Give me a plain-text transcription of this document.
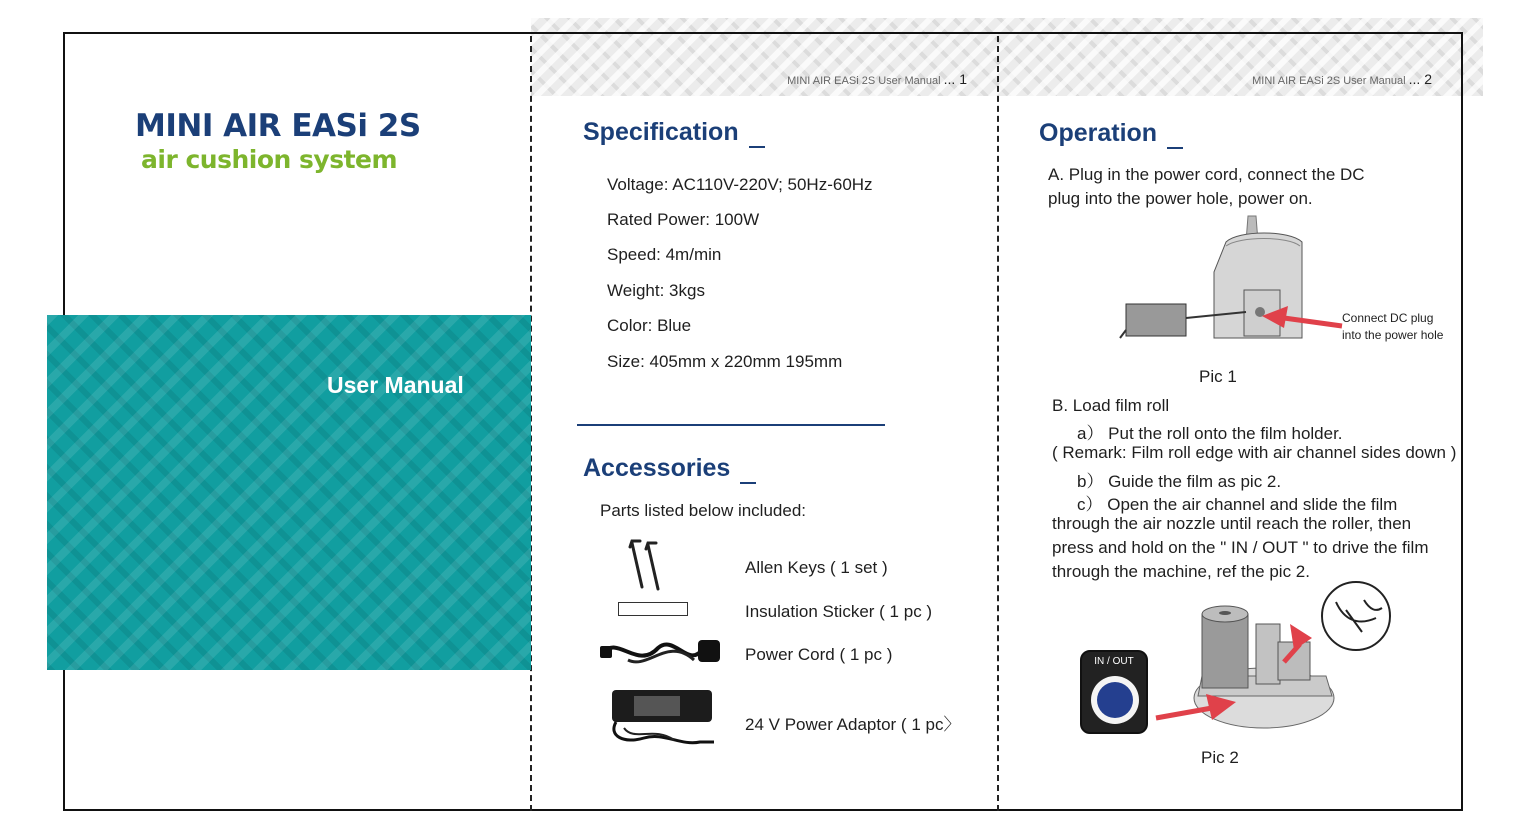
MINI AIR EASi 2S
air cushion system
User Manual
MINI AIR EASi 2S User Manual ... 1
Specification
Voltage: AC110V-220V; 50Hz-60Hz
Rated Power: 100W
Speed: 4m/min
Weight: 3kgs
Color: Blue
Size: 405mm x 220mm 195mm
Accessories
Parts listed below included:
Allen Keys ( 1 set )
Insulation Sticker ( 1 pc )
Power Cord ( 1 pc )
24 V Power Adaptor ( 1 pc〉
MINI AIR EASi 2S User Manual ... 2
Operation
A. Plug in the power cord, connect the DC
plug into the power hole, power on.
Connect DC plug
into the power hole
Pic 1
B. Load film roll
a） Put the roll onto the film holder.
( Remark: Film roll edge with air channel sides down )
b） Guide the film as pic 2.
c） Open the air channel and slide the film
through the air nozzle until reach the roller, then
press and hold on the " IN / OUT " to drive the film
through the machine, ref the pic 2.
IN / OUT
Pic 2
